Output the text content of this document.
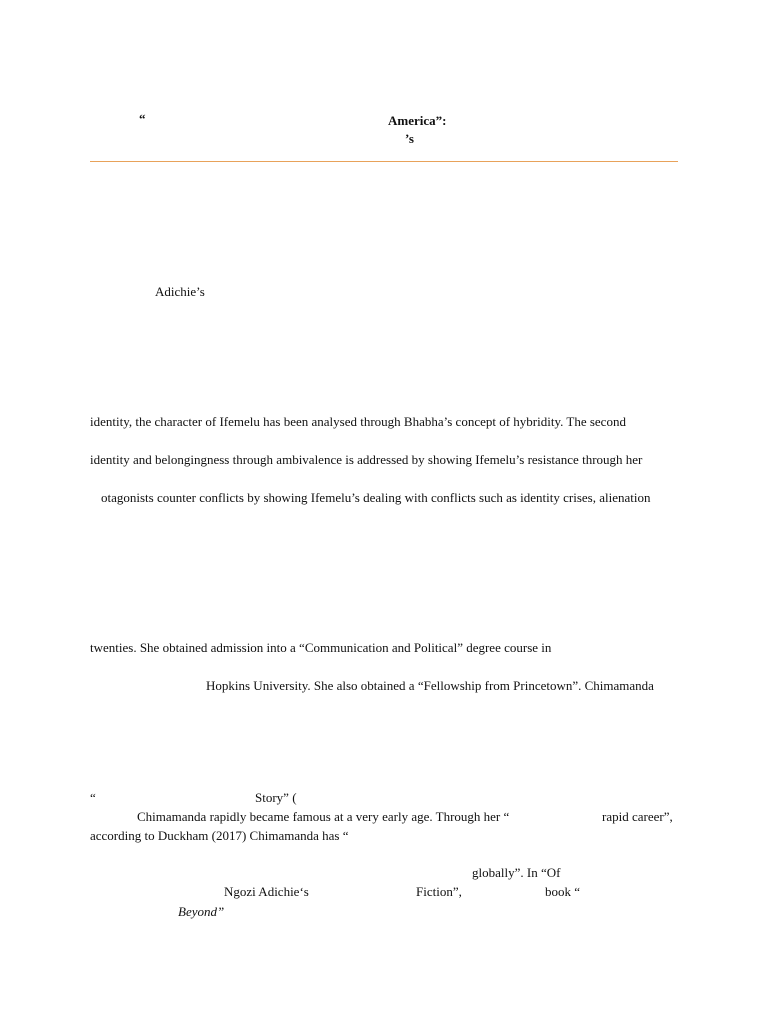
“	America”:
’s
Adichie’s
identity, the character of Ifemelu has been analysed through Bhabha’s concept of hybridity. The second
identity and belongingness through ambivalence is addressed by showing Ifemelu’s resistance through her
otagonists counter conflicts by showing Ifemelu’s dealing with conflicts such as identity crises, alienation
twenties. She obtained admission into a “Communication and Political” degree course in
Hopkins University. She also obtained a “Fellowship from Princetown”. Chimamanda
“	Story” (
Chimamanda rapidly became famous at a very early age. Through her “	rapid career”,
according to Duckham (2017) Chimamanda has “
globally”. In “Of
Ngozi Adichie‘s	Fiction”,	book “
Beyond”
